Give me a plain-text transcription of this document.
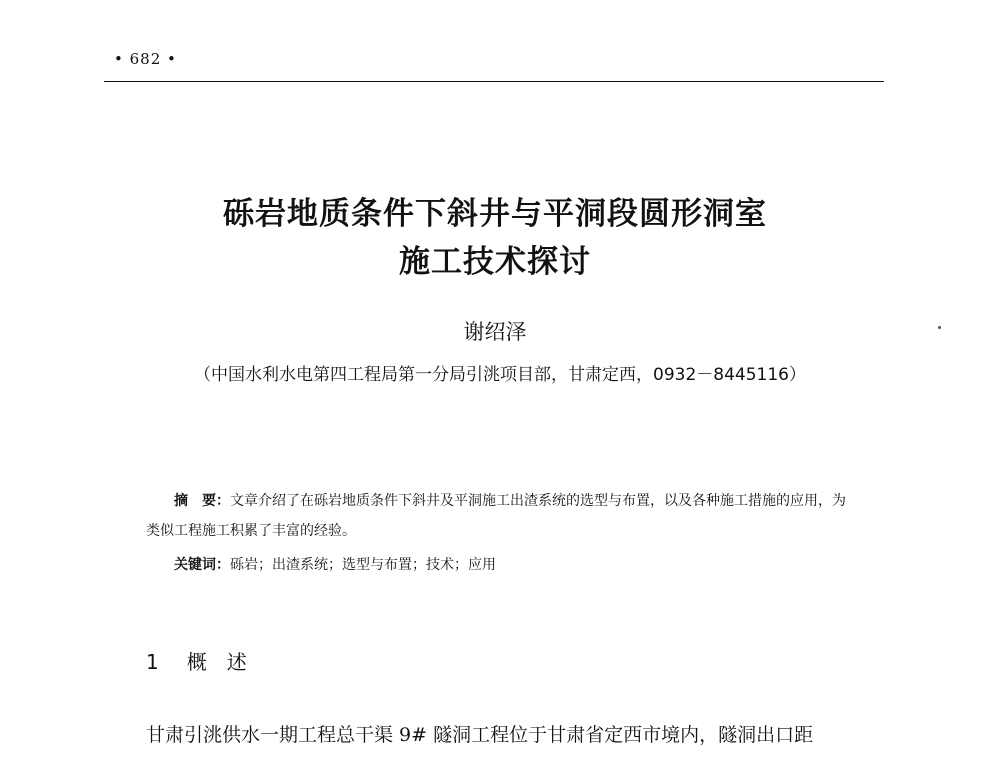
• 682 •
砾岩地质条件下斜井与平洞段圆形洞室
施工技术探讨
谢绍泽
（中国水利水电第四工程局第一分局引洮项目部，甘肃定西，0932－8445116）
摘　要：文章介绍了在砾岩地质条件下斜井及平洞施工出渣系统的选型与布置，以及各种施工措施的应用，为类似工程施工积累了丰富的经验。
关键词：砾岩；出渣系统；选型与布置；技术；应用
1 概　述
甘肃引洮供水一期工程总干渠 9# 隧洞工程位于甘肃省定西市境内，隧洞出口距
